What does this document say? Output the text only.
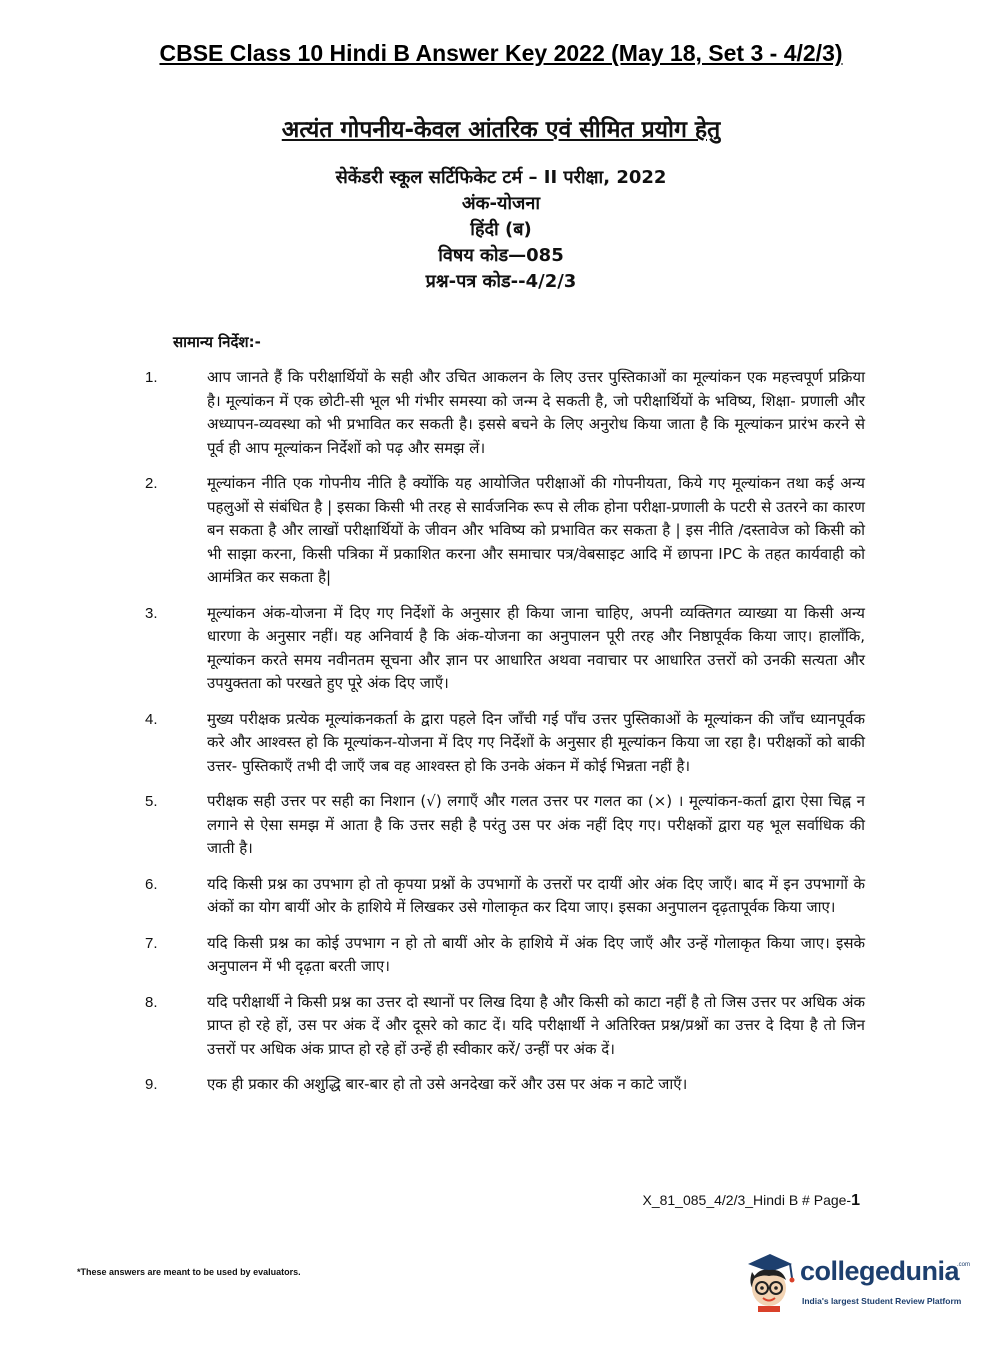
CBSE Class 10 Hindi B Answer Key 2022 (May 18, Set 3 - 4/2/3)
अत्यंत गोपनीय-केवल आंतरिक एवं सीमित प्रयोग हेतु
सेकेंडरी स्कूल सर्टिफिकेट टर्म – II परीक्षा, 2022
अंक-योजना
हिंदी (ब)
विषय कोड—085
प्रश्न-पत्र कोड--4/2/3
सामान्य निर्देश:-
1.	आप जानते हैं कि परीक्षार्थियों के सही और उचित आकलन के लिए उत्तर पुस्तिकाओं का मूल्यांकन एक महत्त्वपूर्ण प्रक्रिया है। मूल्यांकन में एक छोटी-सी भूल भी गंभीर समस्या को जन्म दे सकती है, जो परीक्षार्थियों के भविष्य, शिक्षा- प्रणाली और अध्यापन-व्यवस्था को भी प्रभावित कर सकती है। इससे बचने के लिए अनुरोध किया जाता है कि मूल्यांकन प्रारंभ करने से पूर्व ही आप मूल्यांकन निर्देशों को पढ़ और समझ लें।
2.	मूल्यांकन नीति एक गोपनीय नीति है क्योंकि यह आयोजित परीक्षाओं की गोपनीयता, किये गए मूल्यांकन तथा कई अन्य पहलुओं से संबंधित है | इसका किसी भी तरह से सार्वजनिक रूप से लीक होना परीक्षा-प्रणाली के पटरी से उतरने का कारण बन सकता है और लाखों परीक्षार्थियों के जीवन और भविष्य को प्रभावित कर सकता है | इस नीति /दस्तावेज को किसी को भी साझा करना, किसी पत्रिका में प्रकाशित करना और समाचार पत्र/वेबसाइट आदि में छापना IPC के तहत कार्यवाही को आमंत्रित कर सकता है|
3.	मूल्यांकन अंक-योजना में दिए गए निर्देशों के अनुसार ही किया जाना चाहिए, अपनी व्यक्तिगत व्याख्या या किसी अन्य धारणा के अनुसार नहीं। यह अनिवार्य है कि अंक-योजना का अनुपालन पूरी तरह और निष्ठापूर्वक किया जाए। हालाँकि, मूल्यांकन करते समय नवीनतम सूचना और ज्ञान पर आधारित अथवा नवाचार पर आधारित उत्तरों को उनकी सत्यता और उपयुक्तता को परखते हुए पूरे अंक दिए जाएँ।
4.	मुख्य परीक्षक प्रत्येक मूल्यांकनकर्ता के द्वारा पहले दिन जाँची गई पाँच उत्तर पुस्तिकाओं के मूल्यांकन की जाँच ध्यानपूर्वक करे और आश्वस्त हो कि मूल्यांकन-योजना में दिए गए निर्देशों के अनुसार ही मूल्यांकन किया जा रहा है। परीक्षकों को बाकी उत्तर- पुस्तिकाएँ तभी दी जाएँ जब वह आश्वस्त हो कि उनके अंकन में कोई भिन्नता नहीं है।
5.	परीक्षक सही उत्तर पर सही का निशान (√) लगाएँ और गलत उत्तर पर गलत का (×) । मूल्यांकन-कर्ता द्वारा ऐसा चिह्न न लगाने से ऐसा समझ में आता है कि उत्तर सही है परंतु उस पर अंक नहीं दिए गए। परीक्षकों द्वारा यह भूल सर्वाधिक की जाती है।
6.	यदि किसी प्रश्न का उपभाग हो तो कृपया प्रश्नों के उपभागों के उत्तरों पर दायीं ओर अंक दिए जाएँ। बाद में इन उपभागों के अंकों का योग बायीं ओर के हाशिये में लिखकर उसे गोलाकृत कर दिया जाए। इसका अनुपालन दृढ़तापूर्वक किया जाए।
7.	यदि किसी प्रश्न का कोई उपभाग न हो तो बायीं ओर के हाशिये में अंक दिए जाएँ और उन्हें गोलाकृत किया जाए। इसके अनुपालन में भी दृढ़ता बरती जाए।
8.	यदि परीक्षार्थी ने किसी प्रश्न का उत्तर दो स्थानों पर लिख दिया है और किसी को काटा नहीं है तो जिस उत्तर पर अधिक अंक प्राप्त हो रहे हों, उस पर अंक दें और दूसरे को काट दें। यदि परीक्षार्थी ने अतिरिक्त प्रश्न/प्रश्नों का उत्तर दे दिया है तो जिन उत्तरों पर अधिक अंक प्राप्त हो रहे हों उन्हें ही स्वीकार करें/ उन्हीं पर अंक दें।
9.	एक ही प्रकार की अशुद्धि बार-बार हो तो उसे अनदेखा करें और उस पर अंक न काटे जाएँ।
X_81_085_4/2/3_Hindi B # Page-1
*These answers are meant to be used by evaluators.	collegedunia
.com
India's largest Student Review Platform
